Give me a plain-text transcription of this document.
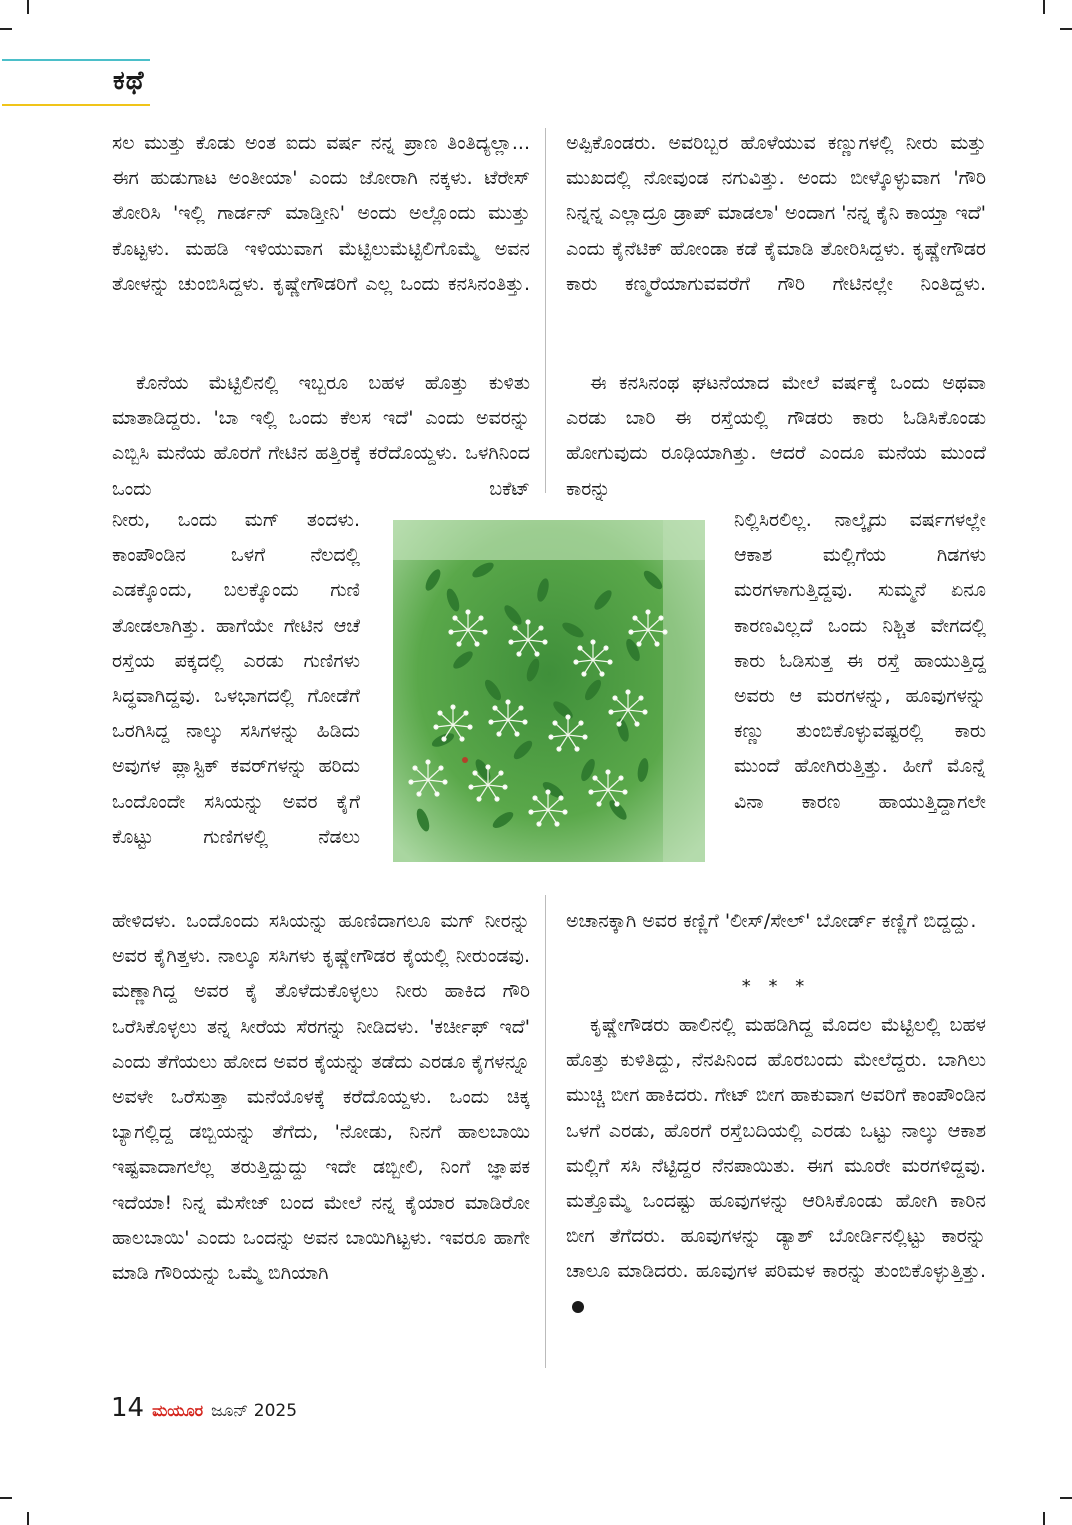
ಕಥೆ

ಸಲ ಮುತ್ತು ಕೊಡು ಅಂತ ಐದು ವರ್ಷ ನನ್ನ ಪ್ರಾಣ ತಿಂತಿದ್ಯಲ್ಲಾ... ಈಗ ಹುಡುಗಾಟ ಅಂತೀಯಾ' ಎಂದು ಜೋರಾಗಿ ನಕ್ಕಳು. ಟೆರೇಸ್ ತೋರಿಸಿ 'ಇಲ್ಲಿ ಗಾರ್ಡನ್ ಮಾಡ್ತೀನಿ' ಅಂದು ಅಲ್ಲೊಂದು ಮುತ್ತು ಕೊಟ್ಟಳು. ಮಹಡಿ ಇಳಿಯುವಾಗ ಮೆಟ್ಟಿಲುಮೆಟ್ಟಿಲಿಗೊಮ್ಮೆ ಅವನ ತೋಳನ್ನು ಚುಂಬಿಸಿದ್ದಳು. ಕೃಷ್ಣೇಗೌಡರಿಗೆ ಎಲ್ಲ ಒಂದು ಕನಸಿನಂತಿತ್ತು.

ಕೊನೆಯ ಮೆಟ್ಟಿಲಿನಲ್ಲಿ ಇಬ್ಬರೂ ಬಹಳ ಹೊತ್ತು ಕುಳಿತು ಮಾತಾಡಿದ್ದರು. 'ಬಾ ಇಲ್ಲಿ ಒಂದು ಕೆಲಸ ಇದೆ' ಎಂದು ಅವರನ್ನು ಎಬ್ಬಿಸಿ ಮನೆಯ ಹೊರಗೆ ಗೇಟಿನ ಹತ್ತಿರಕ್ಕೆ ಕರೆದೊಯ್ದಳು. ಒಳಗಿನಿಂದ ಒಂದು ಬಕೆಟ್

ನೀರು, ಒಂದು ಮಗ್ ತಂದಳು. ಕಾಂಪೌಂಡಿನ ಒಳಗೆ ನೆಲದಲ್ಲಿ ಎಡಕ್ಕೊಂದು, ಬಲಕ್ಕೊಂದು ಗುಣಿ ತೋಡಲಾಗಿತ್ತು. ಹಾಗೆಯೇ ಗೇಟಿನ ಆಚೆ ರಸ್ತೆಯ ಪಕ್ಕದಲ್ಲಿ ಎರಡು ಗುಣಿಗಳು ಸಿದ್ಧವಾಗಿದ್ದವು. ಒಳಭಾಗದಲ್ಲಿ ಗೋಡೆಗೆ ಒರಗಿಸಿದ್ದ ನಾಲ್ಕು ಸಸಿಗಳನ್ನು ಹಿಡಿದು ಅವುಗಳ ಪ್ಲಾಸ್ಟಿಕ್ ಕವರ್‌ಗಳನ್ನು ಹರಿದು ಒಂದೊಂದೇ ಸಸಿಯನ್ನು ಅವರ ಕೈಗೆ ಕೊಟ್ಟು ಗುಣಿಗಳಲ್ಲಿ ನೆಡಲು

ಹೇಳಿದಳು. ಒಂದೊಂದು ಸಸಿಯನ್ನು ಹೂಣಿದಾಗಲೂ ಮಗ್ ನೀರನ್ನು ಅವರ ಕೈಗಿತ್ತಳು. ನಾಲ್ಕೂ ಸಸಿಗಳು ಕೃಷ್ಣೇಗೌಡರ ಕೈಯಲ್ಲಿ ನೀರುಂಡವು. ಮಣ್ಣಾಗಿದ್ದ ಅವರ ಕೈ ತೊಳೆದುಕೊಳ್ಳಲು ನೀರು ಹಾಕಿದ ಗೌರಿ ಒರೆಸಿಕೊಳ್ಳಲು ತನ್ನ ಸೀರೆಯ ಸೆರಗನ್ನು ನೀಡಿದಳು. 'ಕರ್ಚೀಫ್ ಇದೆ' ಎಂದು ತೆಗೆಯಲು ಹೋದ ಅವರ ಕೈಯನ್ನು ತಡೆದು ಎರಡೂ ಕೈಗಳನ್ನೂ ಅವಳೇ ಒರೆಸುತ್ತಾ ಮನೆಯೊಳಕ್ಕೆ ಕರೆದೊಯ್ದಳು. ಒಂದು ಚಿಕ್ಕ ಬ್ಯಾಗಲ್ಲಿದ್ದ ಡಬ್ಬಿಯನ್ನು ತೆಗೆದು, 'ನೋಡು, ನಿನಗೆ ಹಾಲಬಾಯಿ ಇಷ್ಟವಾದಾಗಲೆಲ್ಲ ತರುತ್ತಿದ್ದುದ್ದು ಇದೇ ಡಬ್ಬೀಲಿ, ನಿಂಗೆ ಜ್ಞಾಪಕ ಇದೆಯಾ! ನಿನ್ನ ಮೆಸೇಜ್ ಬಂದ ಮೇಲೆ ನನ್ನ ಕೈಯಾರ ಮಾಡಿರೋ ಹಾಲಬಾಯಿ' ಎಂದು ಒಂದನ್ನು ಅವನ ಬಾಯಿಗಿಟ್ಟಳು. ಇವರೂ ಹಾಗೇ ಮಾಡಿ ಗೌರಿಯನ್ನು ಒಮ್ಮೆ ಬಿಗಿಯಾಗಿ

ಅಪ್ಪಿಕೊಂಡರು. ಅವರಿಬ್ಬರ ಹೊಳೆಯುವ ಕಣ್ಣುಗಳಲ್ಲಿ ನೀರು ಮತ್ತು ಮುಖದಲ್ಲಿ ನೋವುಂಡ ನಗುವಿತ್ತು. ಅಂದು ಬೀಳ್ಕೊಳ್ಳುವಾಗ 'ಗೌರಿ ನಿನ್ನನ್ನ ಎಲ್ಲಾದ್ರೂ ಡ್ರಾಪ್ ಮಾಡಲಾ' ಅಂದಾಗ 'ನನ್ನ ಕೈನಿ ಕಾಯ್ತಾ ಇದೆ' ಎಂದು ಕೈನೆಟಿಕ್ ಹೋಂಡಾ ಕಡೆ ಕೈಮಾಡಿ ತೋರಿಸಿದ್ದಳು. ಕೃಷ್ಣೇಗೌಡರ ಕಾರು ಕಣ್ಮರೆಯಾಗುವವರೆಗೆ ಗೌರಿ ಗೇಟಿನಲ್ಲೇ ನಿಂತಿದ್ದಳು.

ಈ ಕನಸಿನಂಥ ಘಟನೆಯಾದ ಮೇಲೆ ವರ್ಷಕ್ಕೆ ಒಂದು ಅಥವಾ ಎರಡು ಬಾರಿ ಈ ರಸ್ತೆಯಲ್ಲಿ ಗೌಡರು ಕಾರು ಓಡಿಸಿಕೊಂಡು ಹೋಗುವುದು ರೂಢಿಯಾಗಿತ್ತು. ಆದರೆ ಎಂದೂ ಮನೆಯ ಮುಂದೆ ಕಾರನ್ನು

ನಿಲ್ಲಿಸಿರಲಿಲ್ಲ. ನಾಲ್ಕೈದು ವರ್ಷಗಳಲ್ಲೇ ಆಕಾಶ ಮಲ್ಲಿಗೆಯ ಗಿಡಗಳು ಮರಗಳಾಗುತ್ತಿದ್ದವು. ಸುಮ್ಮನೆ ಏನೂ ಕಾರಣವಿಲ್ಲದೆ ಒಂದು ನಿಶ್ಚಿತ ವೇಗದಲ್ಲಿ ಕಾರು ಓಡಿಸುತ್ತ ಈ ರಸ್ತೆ ಹಾಯುತ್ತಿದ್ದ ಅವರು ಆ ಮರಗಳನ್ನು, ಹೂವುಗಳನ್ನು ಕಣ್ಣು ತುಂಬಿಕೊಳ್ಳುವಷ್ಟರಲ್ಲಿ ಕಾರು ಮುಂದೆ ಹೋಗಿರುತ್ತಿತ್ತು. ಹೀಗೆ ಮೊನ್ನೆ ವಿನಾ ಕಾರಣ ಹಾಯುತ್ತಿದ್ದಾಗಲೇ

ಅಚಾನಕ್ಕಾಗಿ ಅವರ ಕಣ್ಣಿಗೆ 'ಲೀಸ್/ಸೇಲ್' ಬೋರ್ಡ್ ಕಣ್ಣಿಗೆ ಬಿದ್ದದ್ದು.

* * *

ಕೃಷ್ಣೇಗೌಡರು ಹಾಲಿನಲ್ಲಿ ಮಹಡಿಗಿದ್ದ ಮೊದಲ ಮೆಟ್ಟಿಲಲ್ಲಿ ಬಹಳ ಹೊತ್ತು ಕುಳಿತಿದ್ದು, ನೆನಪಿನಿಂದ ಹೊರಬಂದು ಮೇಲೆದ್ದರು. ಬಾಗಿಲು ಮುಚ್ಚಿ ಬೀಗ ಹಾಕಿದರು. ಗೇಟ್ ಬೀಗ ಹಾಕುವಾಗ ಅವರಿಗೆ ಕಾಂಪೌಂಡಿನ ಒಳಗೆ ಎರಡು, ಹೊರಗೆ ರಸ್ತೆಬದಿಯಲ್ಲಿ ಎರಡು ಒಟ್ಟು ನಾಲ್ಕು ಆಕಾಶ ಮಲ್ಲಿಗೆ ಸಸಿ ನೆಟ್ಟಿದ್ದರ ನೆನಪಾಯಿತು. ಈಗ ಮೂರೇ ಮರಗಳಿದ್ದವು. ಮತ್ತೊಮ್ಮೆ ಒಂದಷ್ಟು ಹೂವುಗಳನ್ನು ಆರಿಸಿಕೊಂಡು ಹೋಗಿ ಕಾರಿನ ಬೀಗ ತೆಗೆದರು. ಹೂವುಗಳನ್ನು ಡ್ಯಾಶ್ ಬೋರ್ಡಿನಲ್ಲಿಟ್ಟು ಕಾರನ್ನು ಚಾಲೂ ಮಾಡಿದರು. ಹೂವುಗಳ ಪರಿಮಳ ಕಾರನ್ನು ತುಂಬಿಕೊಳ್ಳುತ್ತಿತ್ತು.

14 ಮಯೂರ ಜೂನ್ 2025
